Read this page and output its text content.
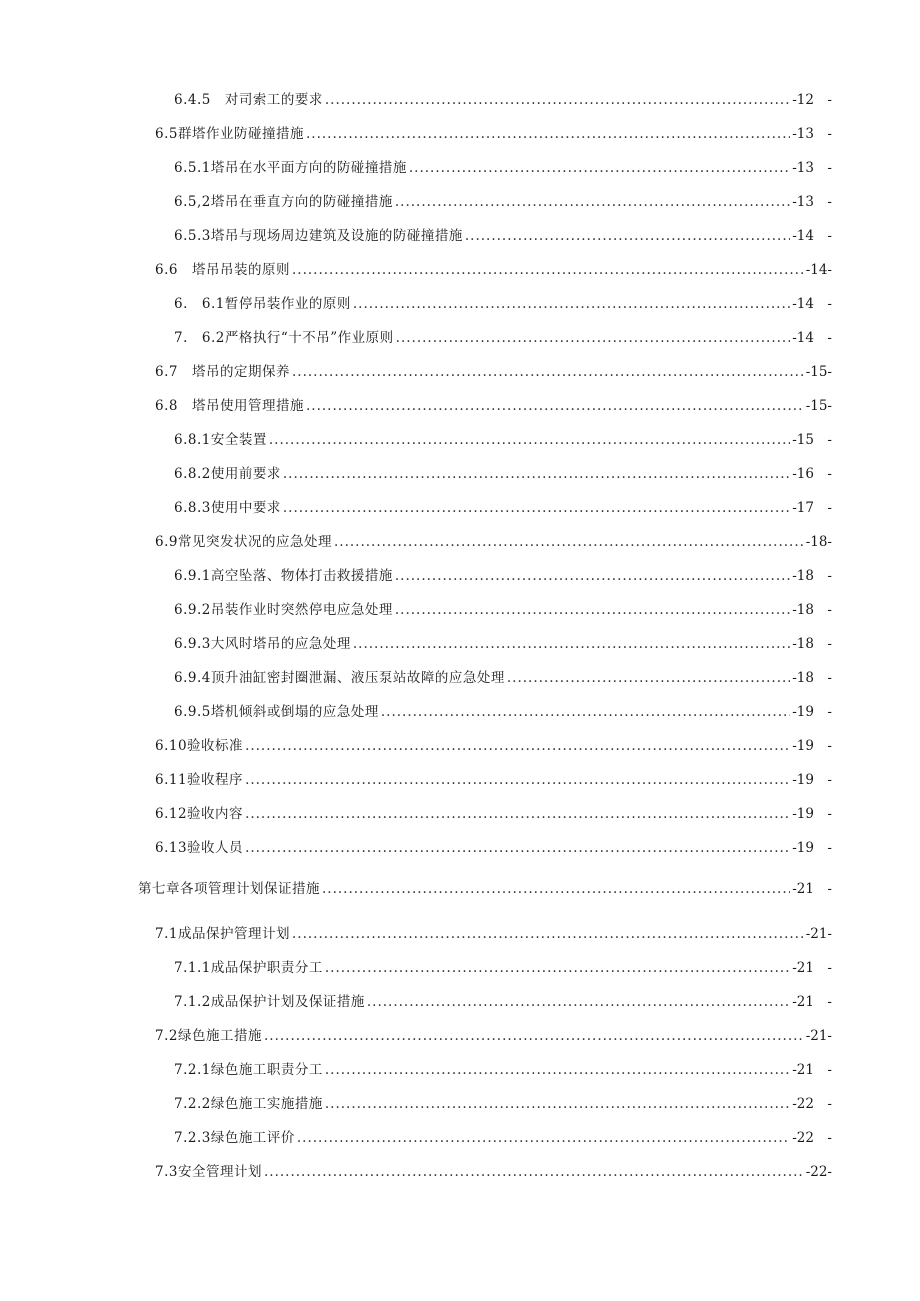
6.4.5　对司索工的要求 .....	-12　-
6.5群塔作业防碰撞措施 .....	-13　-
6.5.1塔吊在水平面方向的防碰撞措施 .....	-13　-
6.5,2塔吊在垂直方向的防碰撞措施 .....	-13　-
6.5.3塔吊与现场周边建筑及设施的防碰撞措施 .....	-14　-
6.6　塔吊吊装的原则 .....	-14-
6.　6.1暂停吊装作业的原则 .....	-14　-
7.　6.2严格执行“十不吊”作业原则 .....	-14　-
6.7　塔吊的定期保养 .....	-15-
6.8　塔吊使用管理措施 .....	-15-
6.8.1安全装置 .....	-15　-
6.8.2使用前要求 .....	-16　-
6.8.3使用中要求 .....	-17　-
6.9常见突发状况的应急处理 .....	-18-
6.9.1高空坠落、物体打击救援措施 .....	-18　-
6.9.2吊装作业时突然停电应急处理 .....	-18　-
6.9.3大风时塔吊的应急处理 .....	-18　-
6.9.4顶升油缸密封圈泄漏、液压泵站故障的应急处理 .....	-18　-
6.9.5塔机倾斜或倒塌的应急处理 .....	-19　-
6.10验收标准 .....	-19　-
6.11验收程序 .....	-19　-
6.12验收内容 .....	-19　-
6.13验收人员 .....	-19　-
第七章各项管理计划保证措施 .....	-21　-
7.1成品保护管理计划 .....	-21-
7.1.1成品保护职责分工 .....	-21　-
7.1.2成品保护计划及保证措施 .....	-21　-
7.2绿色施工措施 .....	-21-
7.2.1绿色施工职责分工 .....	-21　-
7.2.2绿色施工实施措施 .....	-22　-
7.2.3绿色施工评价 .....	-22　-
7.3安全管理计划 .....	-22-
